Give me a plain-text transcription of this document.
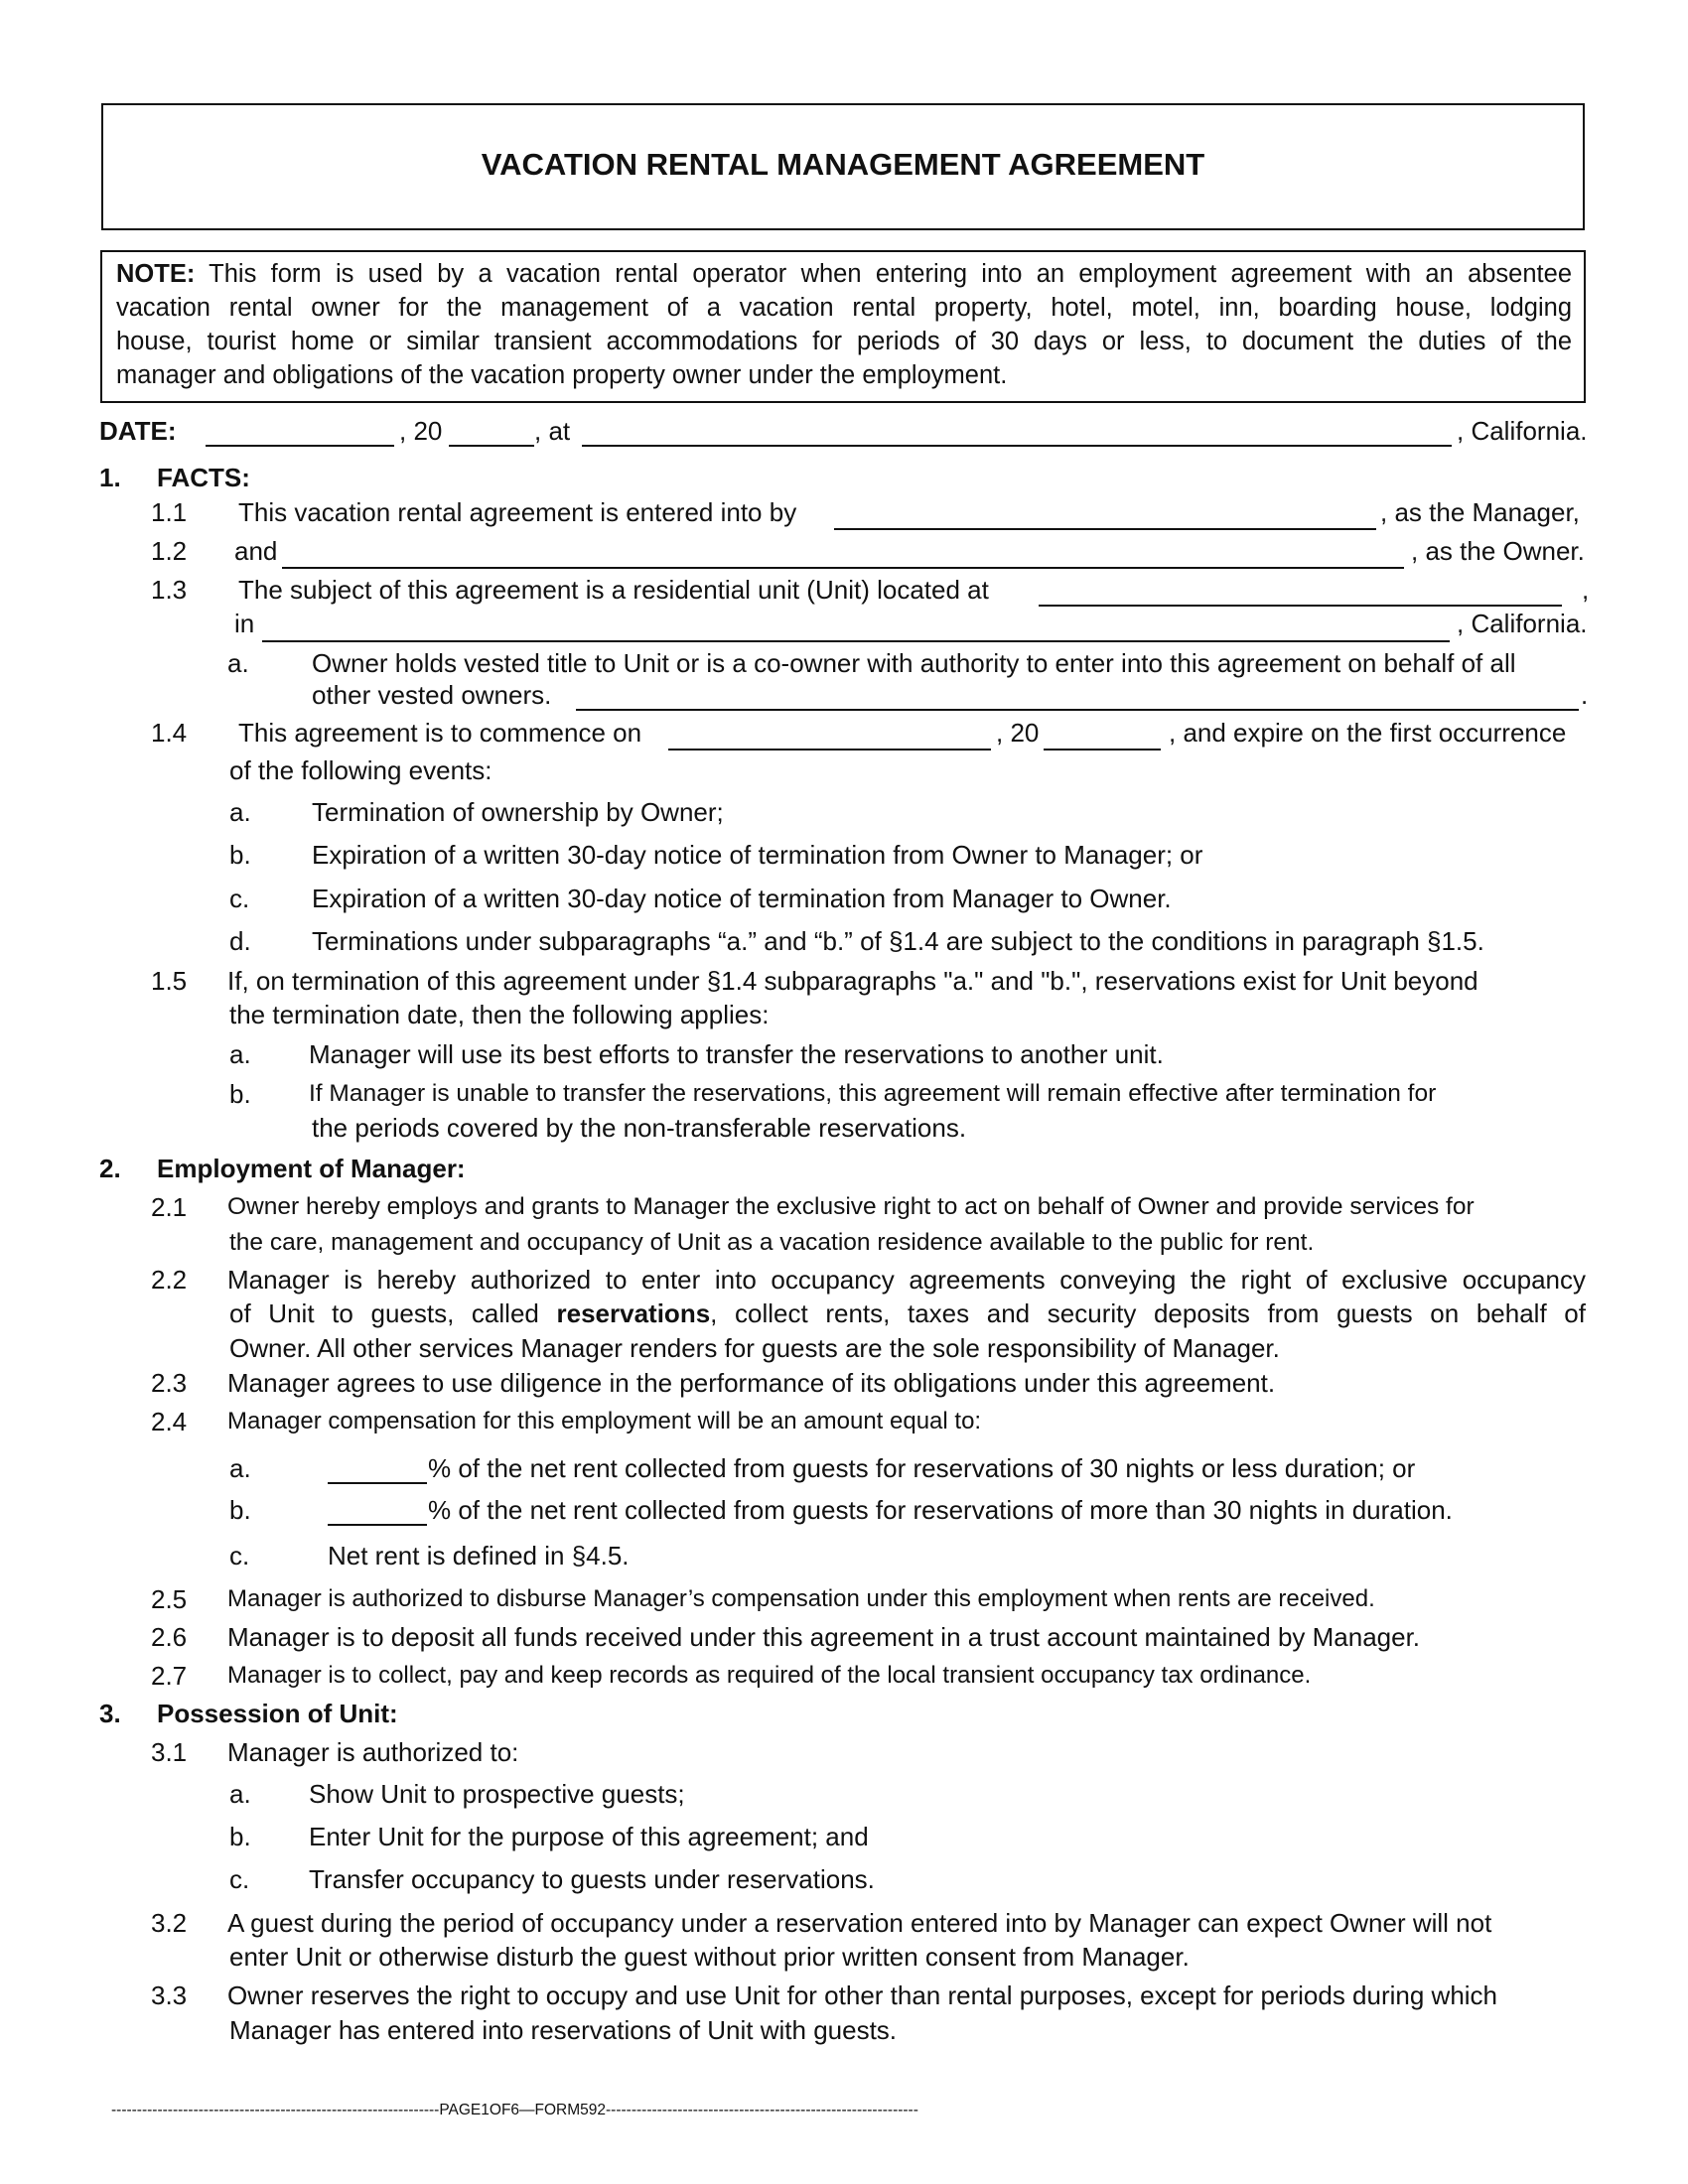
VACATION RENTAL MANAGEMENT AGREEMENT
NOTE: This form is used by a vacation rental operator when entering into an employment agreement with an absentee
vacation rental owner for the management of a vacation rental property, hotel, motel, inn, boarding house, lodging
house, tourist home or similar transient accommodations for periods of 30 days or less, to document the duties of the
manager and obligations of the vacation property owner under the employment.
DATE:	, 20	, at	, California.
1. FACTS:
1.1 This vacation rental agreement is entered into by	, as the Manager,
1.2 and	, as the Owner.
1.3 The subject of this agreement is a residential unit (Unit) located at	,
in	, California.
a. Owner holds vested title to Unit or is a co-owner with authority to enter into this agreement on behalf of all
other vested owners.	.
1.4 This agreement is to commence on	, 20	, and expire on the first occurrence
of the following events:
a. Termination of ownership by Owner;
b. Expiration of a written 30-day notice of termination from Owner to Manager; or
c. Expiration of a written 30-day notice of termination from Manager to Owner.
d. Terminations under subparagraphs “a.” and “b.” of §1.4 are subject to the conditions in paragraph §1.5.
1.5 If, on termination of this agreement under §1.4 subparagraphs "a." and "b.", reservations exist for Unit beyond
the termination date, then the following applies:
a. Manager will use its best efforts to transfer the reservations to another unit.
b. If Manager is unable to transfer the reservations, this agreement will remain effective after termination for
the periods covered by the non-transferable reservations.
2. Employment of Manager:
2.1 Owner hereby employs and grants to Manager the exclusive right to act on behalf of Owner and provide services for
the care, management and occupancy of Unit as a vacation residence available to the public for rent.
2.2 Manager is hereby authorized to enter into occupancy agreements conveying the right of exclusive occupancy
of Unit to guests, called reservations, collect rents, taxes and security deposits from guests on behalf of
Owner. All other services Manager renders for guests are the sole responsibility of Manager.
2.3 Manager agrees to use diligence in the performance of its obligations under this agreement.
2.4 Manager compensation for this employment will be an amount equal to:
a.	% of the net rent collected from guests for reservations of 30 nights or less duration; or
b.	% of the net rent collected from guests for reservations of more than 30 nights in duration.
c.	Net rent is defined in §4.5.
2.5 Manager is authorized to disburse Manager’s compensation under this employment when rents are received.
2.6 Manager is to deposit all funds received under this agreement in a trust account maintained by Manager.
2.7 Manager is to collect, pay and keep records as required of the local transient occupancy tax ordinance.
3. Possession of Unit:
3.1 Manager is authorized to:
a. Show Unit to prospective guests;
b. Enter Unit for the purpose of this agreement; and
c. Transfer occupancy to guests under reservations.
3.2 A guest during the period of occupancy under a reservation entered into by Manager can expect Owner will not
enter Unit or otherwise disturb the guest without prior written consent from Manager.
3.3 Owner reserves the right to occupy and use Unit for other than rental purposes, except for periods during which
Manager has entered into reservations of Unit with guests.
----------------------------------------------------------------PAGE1OF6—FORM592-------------------------------------------------------------
